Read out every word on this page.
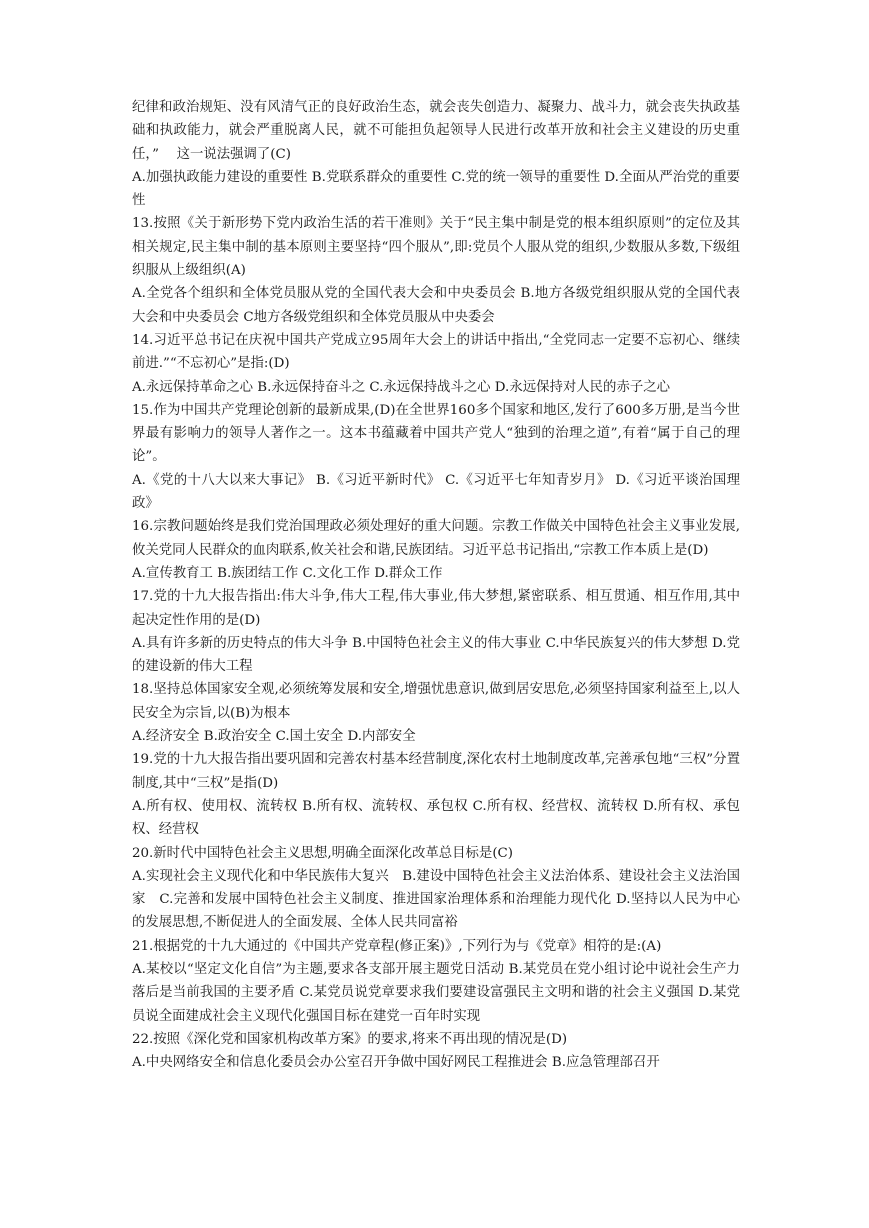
纪律和政治规矩、没有风清气正的良好政治生态，就会丧失创造力、凝聚力、战斗力，就会丧失执政基础和执政能力，就会严重脱离人民，就不可能担负起领导人民进行改革开放和社会主义建设的历史重任，”　 这一说法强调了(C)

A.加强执政能力建设的重要性 B.党联系群众的重要性 C.党的统一领导的重要性 D.全面从严治党的重要性

13.按照《关于新形势下党内政治生活的若干准则》关于“民主集中制是党的根本组织原则”的定位及其相关规定,民主集中制的基本原则主要坚持“四个服从”,即:党员个人服从党的组织,少数服从多数,下级组织服从上级组织(A)

A.全党各个组织和全体党员服从党的全国代表大会和中央委员会 B.地方各级党组织服从党的全国代表大会和中央委员会 C地方各级党组织和全体党员服从中央委会

14.习近平总书记在庆祝中国共产党成立95周年大会上的讲话中指出,“全党同志一定要不忘初心、继续前进.”“不忘初心”是指:(D)

A.永远保持革命之心 B.永远保持奋斗之 C.永远保持战斗之心 D.永远保持对人民的赤子之心

15.作为中国共产党理论创新的最新成果,(D)在全世界160多个国家和地区,发行了600多万册,是当今世界最有影响力的领导人著作之一。这本书蕴藏着中国共产党人“独到的治理之道”,有着“属于自己的理论”。

A.《党的十八大以来大事记》 B.《习近平新时代》 C.《习近平七年知青岁月》 D.《习近平谈治国理政》

16.宗教问题始终是我们党治国理政必须处理好的重大问题。宗教工作做关中国特色社会主义事业发展,攸关党同人民群众的血肉联系,攸关社会和谐,民族团结。习近平总书记指出,“宗教工作本质上是(D)

A.宣传教育工 B.族团结工作 C.文化工作 D.群众工作

17.党的十九大报告指出:伟大斗争,伟大工程,伟大事业,伟大梦想,紧密联系、相互贯通、相互作用,其中起决定性作用的是(D)

A.具有许多新的历史特点的伟大斗争 B.中国特色社会主义的伟大事业 C.中华民族复兴的伟大梦想 D.党的建设新的伟大工程

18.坚持总体国家安全观,必须统筹发展和安全,增强忧患意识,做到居安思危,必须坚持国家利益至上,以人民安全为宗旨,以(B)为根本

A.经济安全 B.政治安全 C.国土安全 D.内部安全

19.党的十九大报告指出要巩固和完善农村基本经营制度,深化农村土地制度改革,完善承包地“三权”分置制度,其中“三权”是指(D)

A.所有权、使用权、流转权 B.所有权、流转权、承包权 C.所有权、经营权、流转权 D.所有权、承包权、经营权

20.新时代中国特色社会主义思想,明确全面深化改革总目标是(C)

A.实现社会主义现代化和中华民族伟大复兴　B.建设中国特色社会主义法治体系、建设社会主义法治国家　C.完善和发展中国特色社会主义制度、推进国家治理体系和治理能力现代化 D.坚持以人民为中心的发展思想,不断促进人的全面发展、全体人民共同富裕

21.根据党的十九大通过的《中国共产党章程(修正案)》,下列行为与《党章》相符的是:(A)

A.某校以“坚定文化自信”为主题,要求各支部开展主题党日活动 B.某党员在党小组讨论中说社会生产力落后是当前我国的主要矛盾 C.某党员说党章要求我们要建设富强民主文明和谐的社会主义强国 D.某党员说全面建成社会主义现代化强国目标在建党一百年时实现

22.按照《深化党和国家机构改革方案》的要求,将来不再出现的情况是(D)

A.中央网络安全和信息化委员会办公室召开争做中国好网民工程推进会 B.应急管理部召开
